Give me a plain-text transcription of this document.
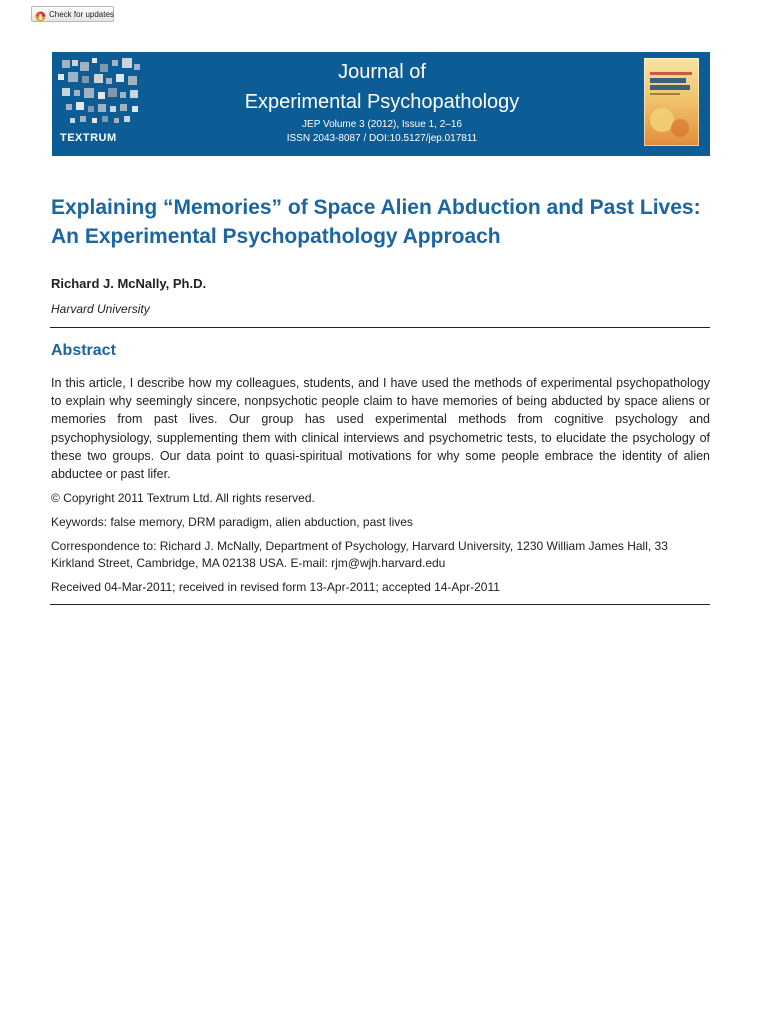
Check for updates
TEXTRUM
Journal of
Experimental Psychopathology
JEP Volume 3 (2012), Issue 1, 2–16
ISSN 2043-8087 / DOI:10.5127/jep.017811
Explaining “Memories” of Space Alien Abduction and Past Lives: An Experimental Psychopathology Approach
Richard J. McNally, Ph.D.
Harvard University
Abstract

In this article, I describe how my colleagues, students, and I have used the methods of experimental psychopathology to explain why seemingly sincere, nonpsychotic people claim to have memories of being abducted by space aliens or memories from past lives. Our group has used experimental methods from cognitive psychology and psychophysiology, supplementing them with clinical interviews and psychometric tests, to elucidate the psychology of these two groups. Our data point to quasi-spiritual motivations for why some people embrace the identity of alien abductee or past lifer.

© Copyright 2011 Textrum Ltd. All rights reserved.

Keywords: false memory, DRM paradigm, alien abduction, past lives

Correspondence to: Richard J. McNally, Department of Psychology, Harvard University, 1230 William James Hall, 33 Kirkland Street, Cambridge, MA 02138 USA. E-mail: rjm@wjh.harvard.edu

Received 04-Mar-2011; received in revised form 13-Apr-2011; accepted 14-Apr-2011
